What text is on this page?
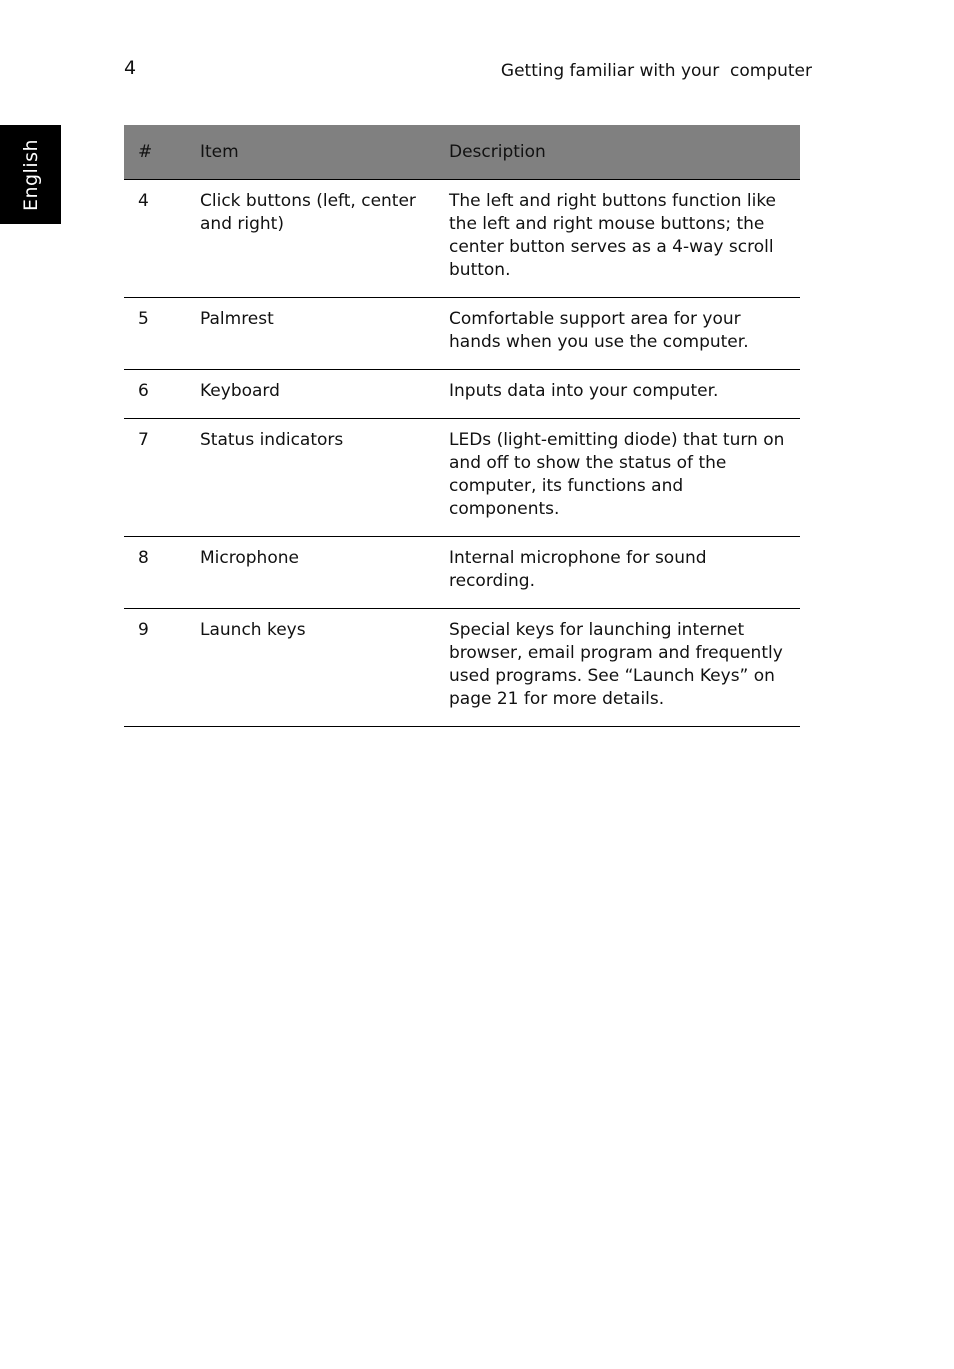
4	Getting familiar with your  computer
English	#	Item	Description
4	Click buttons (left, center and right)	The left and right buttons function like the left and right mouse buttons; the center button serves as a 4-way scroll button.
5	Palmrest	Comfortable support area for your hands when you use the computer.
6	Keyboard	Inputs data into your computer.
7	Status indicators	LEDs (light-emitting diode) that turn on and off to show the status of the computer, its functions and components.
8	Microphone	Internal microphone for sound recording.
9	Launch keys	Special keys for launching internet browser, email program and frequently used programs. See “Launch Keys” on page 21 for more details.
